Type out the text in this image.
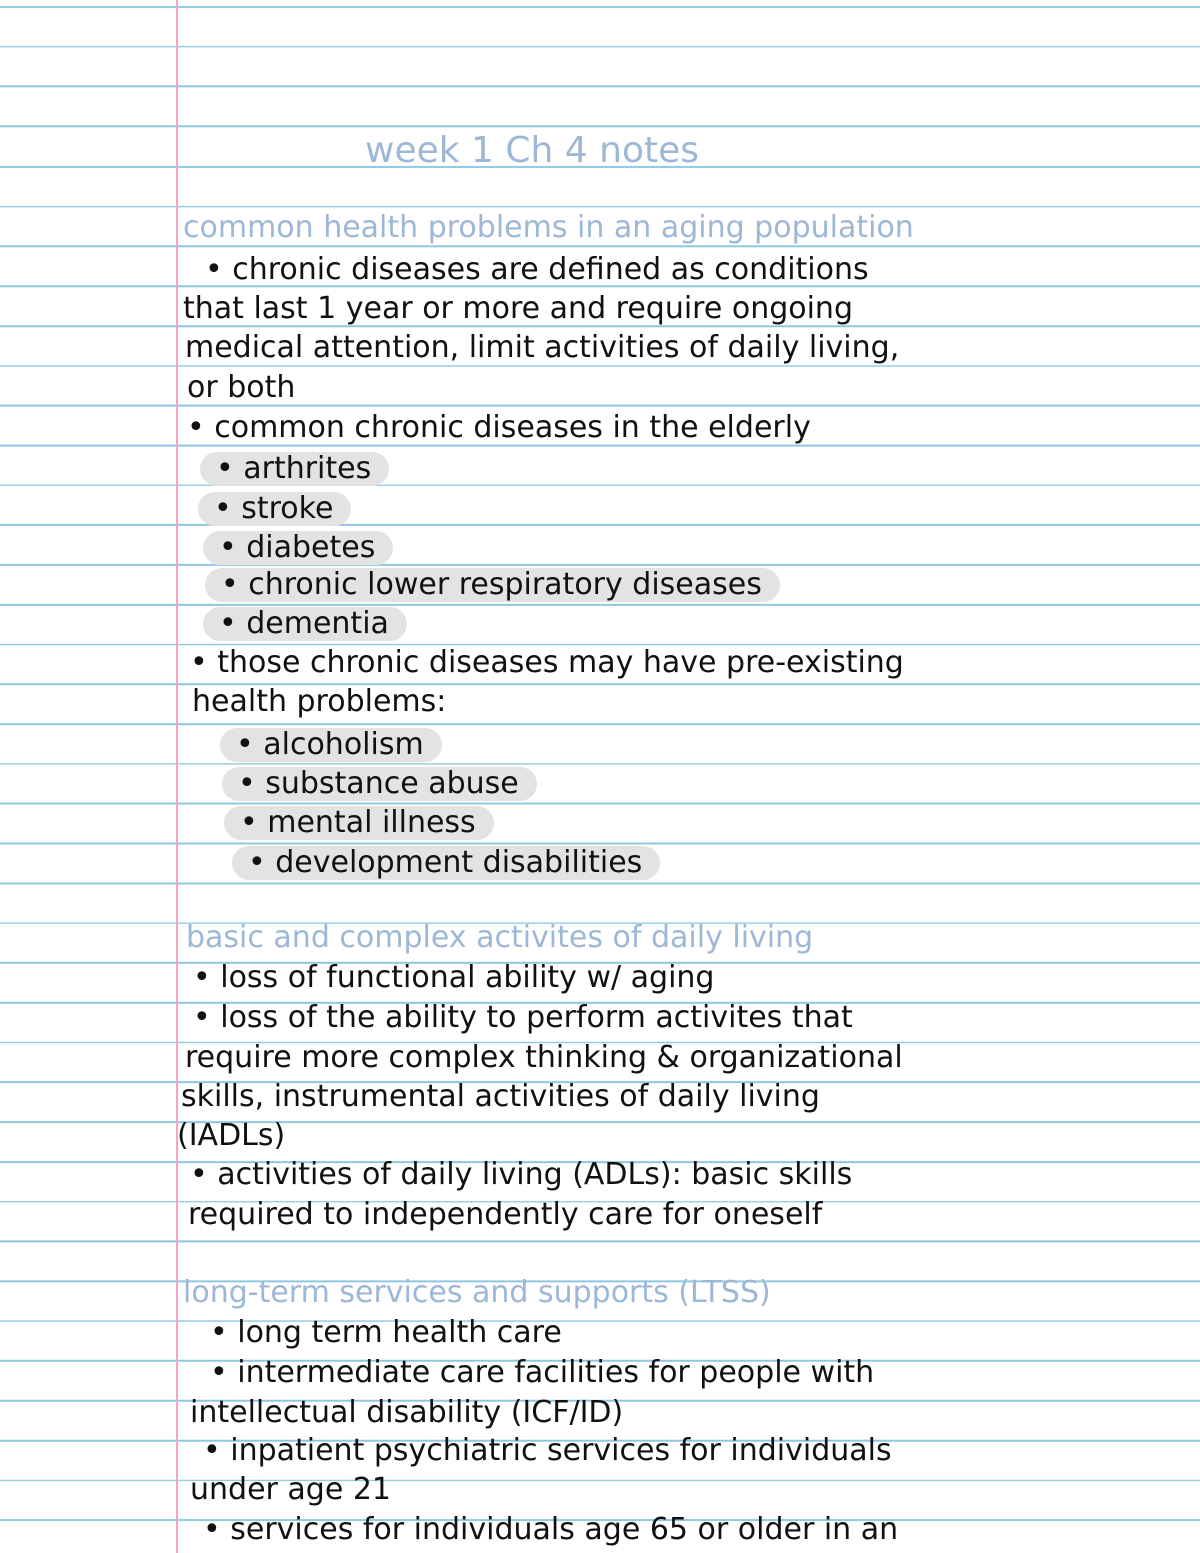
week 1 Ch 4 notes
common health problems in an aging population
• chronic diseases are defined as conditions
that last 1 year or more and require ongoing
medical attention, limit activities of daily living,
or both
• common chronic diseases in the elderly
• arthrites
• stroke
• diabetes
• chronic lower respiratory diseases
• dementia
• those chronic diseases may have pre-existing
health problems:
• alcoholism
• substance abuse
• mental illness
• development disabilities
basic and complex activites of daily living
• loss of functional ability w/ aging
• loss of the ability to perform activites that
require more complex thinking & organizational
skills, instrumental activities of daily living
(IADLs)
• activities of daily living (ADLs): basic skills
required to independently care for oneself
long-term services and supports (LTSS)
• long term health care
• intermediate care facilities for people with
intellectual disability (ICF/ID)
• inpatient psychiatric services for individuals
under age 21
• services for individuals age 65 or older in an
